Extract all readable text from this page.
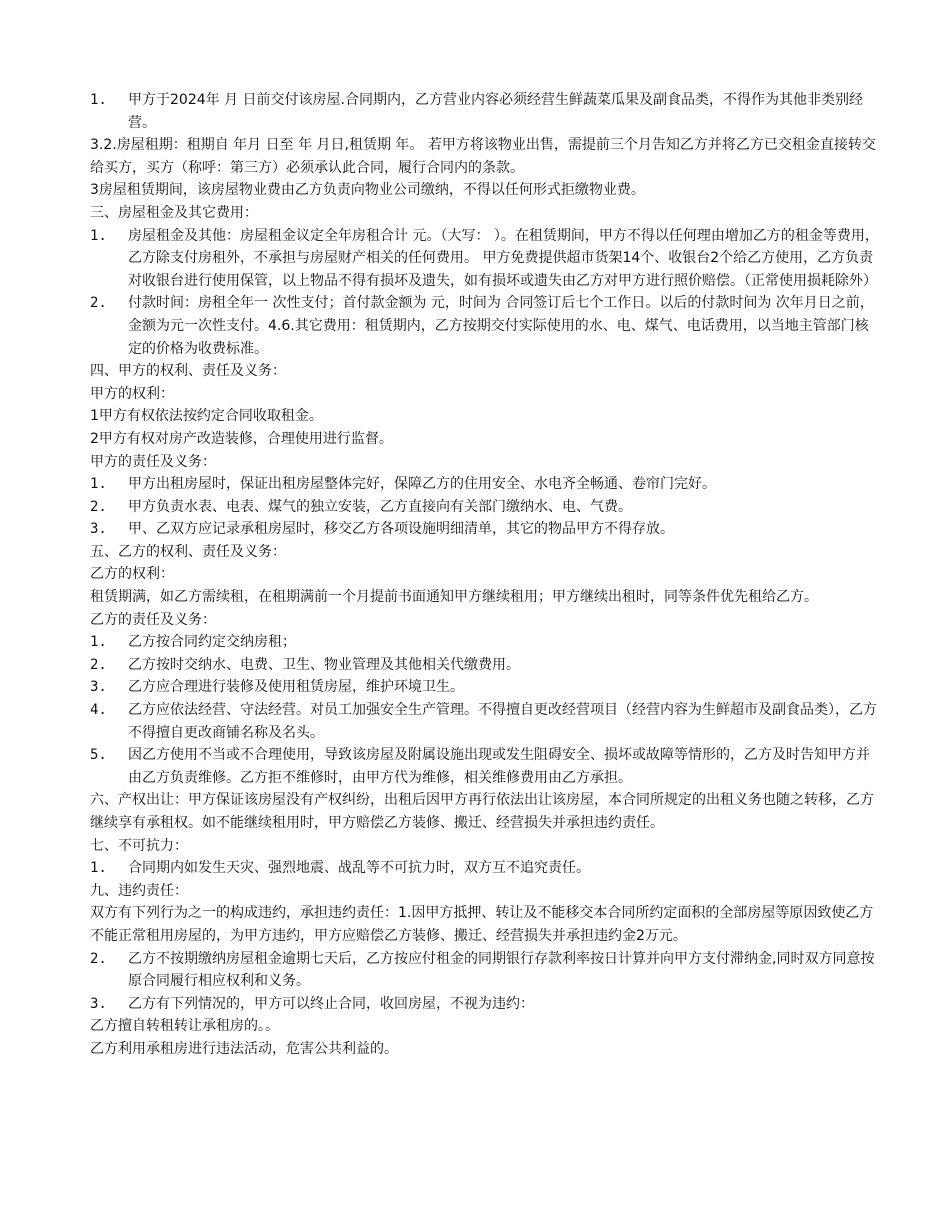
1. 甲方于2024年 月 日前交付该房屋.合同期内，乙方营业内容必须经营生鲜蔬菜瓜果及副食品类，不得作为其他非类别经营。

3.2.房屋租期：租期自 年月 日至 年 月日,租赁期 年。 若甲方将该物业出售，需提前三个月告知乙方并将乙方已交租金直接转交给买方，买方（称呼：第三方）必须承认此合同，履行合同内的条款。

3房屋租赁期间，该房屋物业费由乙方负责向物业公司缴纳，不得以任何形式拒缴物业费。

三、房屋租金及其它费用：

1. 房屋租金及其他：房屋租金议定全年房租合计 元。（大写： ）。在租赁期间，甲方不得以任何理由增加乙方的租金等费用，乙方除支付房租外，不承担与房屋财产相关的任何费用。 甲方免费提供超市货架14个、收银台2个给乙方使用，乙方负责对收银台进行使用保管，以上物品不得有损坏及遗失，如有损坏或遗失由乙方对甲方进行照价赔偿。（正常使用损耗除外）

2. 付款时间：房租全年一 次性支付；首付款金额为 元，时间为 合同签订后七个工作日。以后的付款时间为 次年月日之前，金额为元一次性支付。4.6.其它费用：租赁期内，乙方按期交付实际使用的水、电、煤气、电话费用，以当地主管部门核定的价格为收费标准。

四、甲方的权利、责任及义务：

甲方的权利：

1甲方有权依法按约定合同收取租金。

2甲方有权对房产改造装修，合理使用进行监督。

甲方的责任及义务：

1. 甲方出租房屋时，保证出租房屋整体完好，保障乙方的住用安全、水电齐全畅通、卷帘门完好。

2. 甲方负责水表、电表、煤气的独立安装，乙方直接向有关部门缴纳水、电、气费。

3. 甲、乙双方应记录承租房屋时，移交乙方各项设施明细清单，其它的物品甲方不得存放。

五、乙方的权利、责任及义务：

乙方的权利：

租赁期满，如乙方需续租，在租期满前一个月提前书面通知甲方继续租用；甲方继续出租时，同等条件优先租给乙方。

乙方的责任及义务：

1. 乙方按合同约定交纳房租；

2. 乙方按时交纳水、电费、卫生、物业管理及其他相关代缴费用。

3. 乙方应合理进行装修及使用租赁房屋，维护环境卫生。

4. 乙方应依法经营、守法经营。对员工加强安全生产管理。不得擅自更改经营项目（经营内容为生鲜超市及副食品类），乙方不得擅自更改商铺名称及名头。

5. 因乙方使用不当或不合理使用，导致该房屋及附属设施出现或发生阻碍安全、损坏或故障等情形的，乙方及时告知甲方并由乙方负责维修。乙方拒不维修时，由甲方代为维修，相关维修费用由乙方承担。

六、产权出让：甲方保证该房屋没有产权纠纷，出租后因甲方再行依法出让该房屋，本合同所规定的出租义务也随之转移，乙方继续享有承租权。如不能继续租用时，甲方赔偿乙方装修、搬迁、经营损失并承担违约责任。

七、不可抗力：

1. 合同期内如发生天灾、强烈地震、战乱等不可抗力时，双方互不追究责任。

九、违约责任：

双方有下列行为之一的构成违约，承担违约责任：1.因甲方抵押、转让及不能移交本合同所约定面积的全部房屋等原因致使乙方不能正常租用房屋的，为甲方违约，甲方应赔偿乙方装修、搬迁、经营损失并承担违约金2万元。

2. 乙方不按期缴纳房屋租金逾期七天后，乙方按应付租金的同期银行存款利率按日计算并向甲方支付滞纳金,同时双方同意按原合同履行相应权利和义务。

3. 乙方有下列情况的，甲方可以终止合同，收回房屋，不视为违约：

乙方擅自转租转让承租房的。。

乙方利用承租房进行违法活动，危害公共利益的。
